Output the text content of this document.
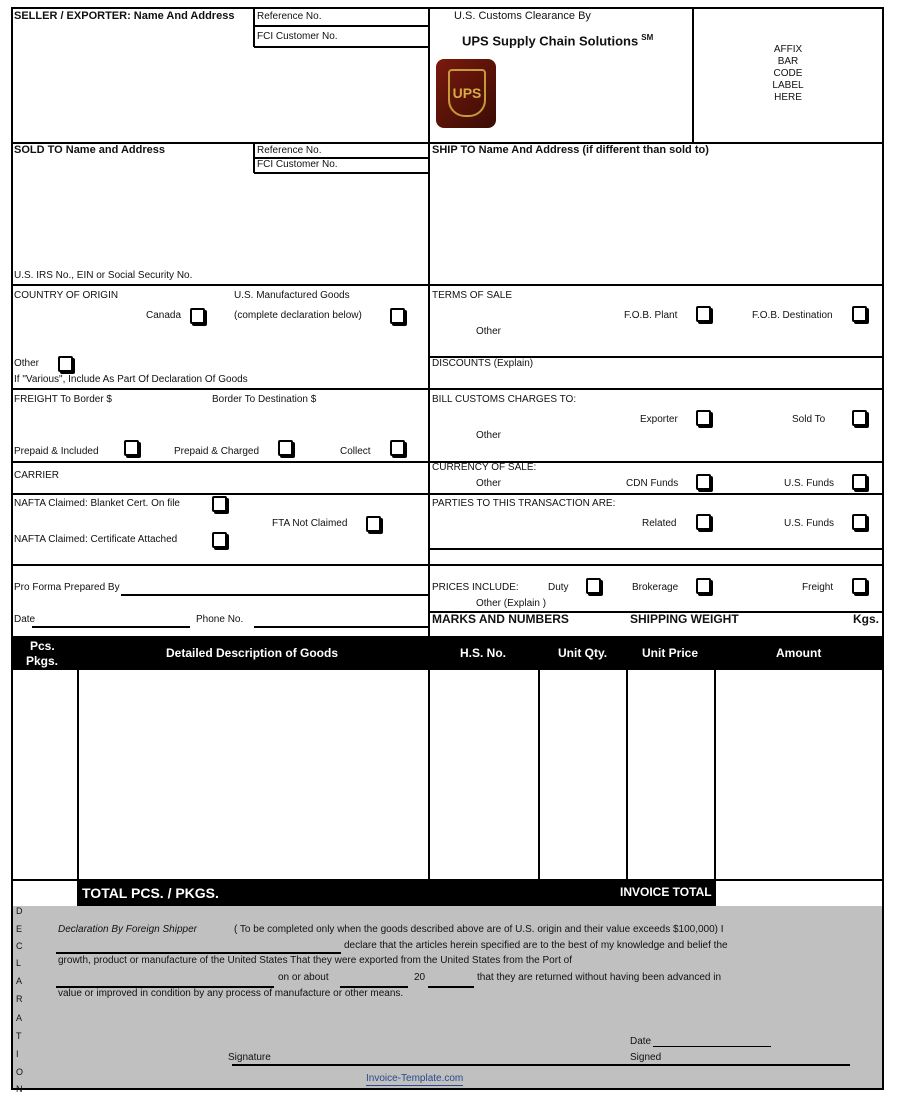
SELLER / EXPORTER: Name And Address Reference No.
FCI Customer No.
U.S. Customs Clearance By
UPS Supply Chain Solutions ℠
UPS
AFFIX
BAR
CODE
LABEL
HERE
SOLD TO Name and Address	Reference No.
FCI Customer No.
U.S. IRS No., EIN or Social Security No.
SHIP TO Name And Address (if different than sold to)
COUNTRY OF ORIGIN	U.S. Manufactured Goods
Canada	(complete declaration below)
Other
If "Various", Include As Part Of Declaration Of Goods
TERMS OF SALE
F.O.B. Plant	F.O.B. Destination
Other
DISCOUNTS (Explain)
FREIGHT To Border $	Border To Destination $
Prepaid & Included	Prepaid & Charged	Collect
BILL CUSTOMS CHARGES TO:
Exporter	Sold To
Other
CARRIER
CURRENCY OF SALE:
Other	CDN Funds	U.S. Funds
NAFTA Claimed: Blanket Cert. On file
FTA Not Claimed
NAFTA Claimed: Certificate Attached
PARTIES TO THIS TRANSACTION ARE:
Related	U.S. Funds
Pro Forma Prepared By
Date	Phone No.
PRICES INCLUDE:	Duty	Brokerage	Freight
Other (Explain )
MARKS AND NUMBERS	SHIPPING WEIGHT	Kgs.
Pcs.
Pkgs.
Detailed Description of Goods	H.S. No.	Unit Qty.	Unit Price	Amount
TOTAL PCS. / PKGS.	INVOICE TOTAL
D
E
C
L
A
R
A
T
I
O
N
Declaration By Foreign Shipper	( To be completed only when the goods described above are of U.S. origin and their value exceeds $100,000) I
declare that the articles herein specified are to the best of my knowledge and belief the
growth, product or manufacture of the United States That they were exported from the United States from the Port of
on or about	20	that they are returned without having been advanced in
value or improved in condition by any process of manufacture or other means.
Date
Signed
Signature
Invoice-Template.com
